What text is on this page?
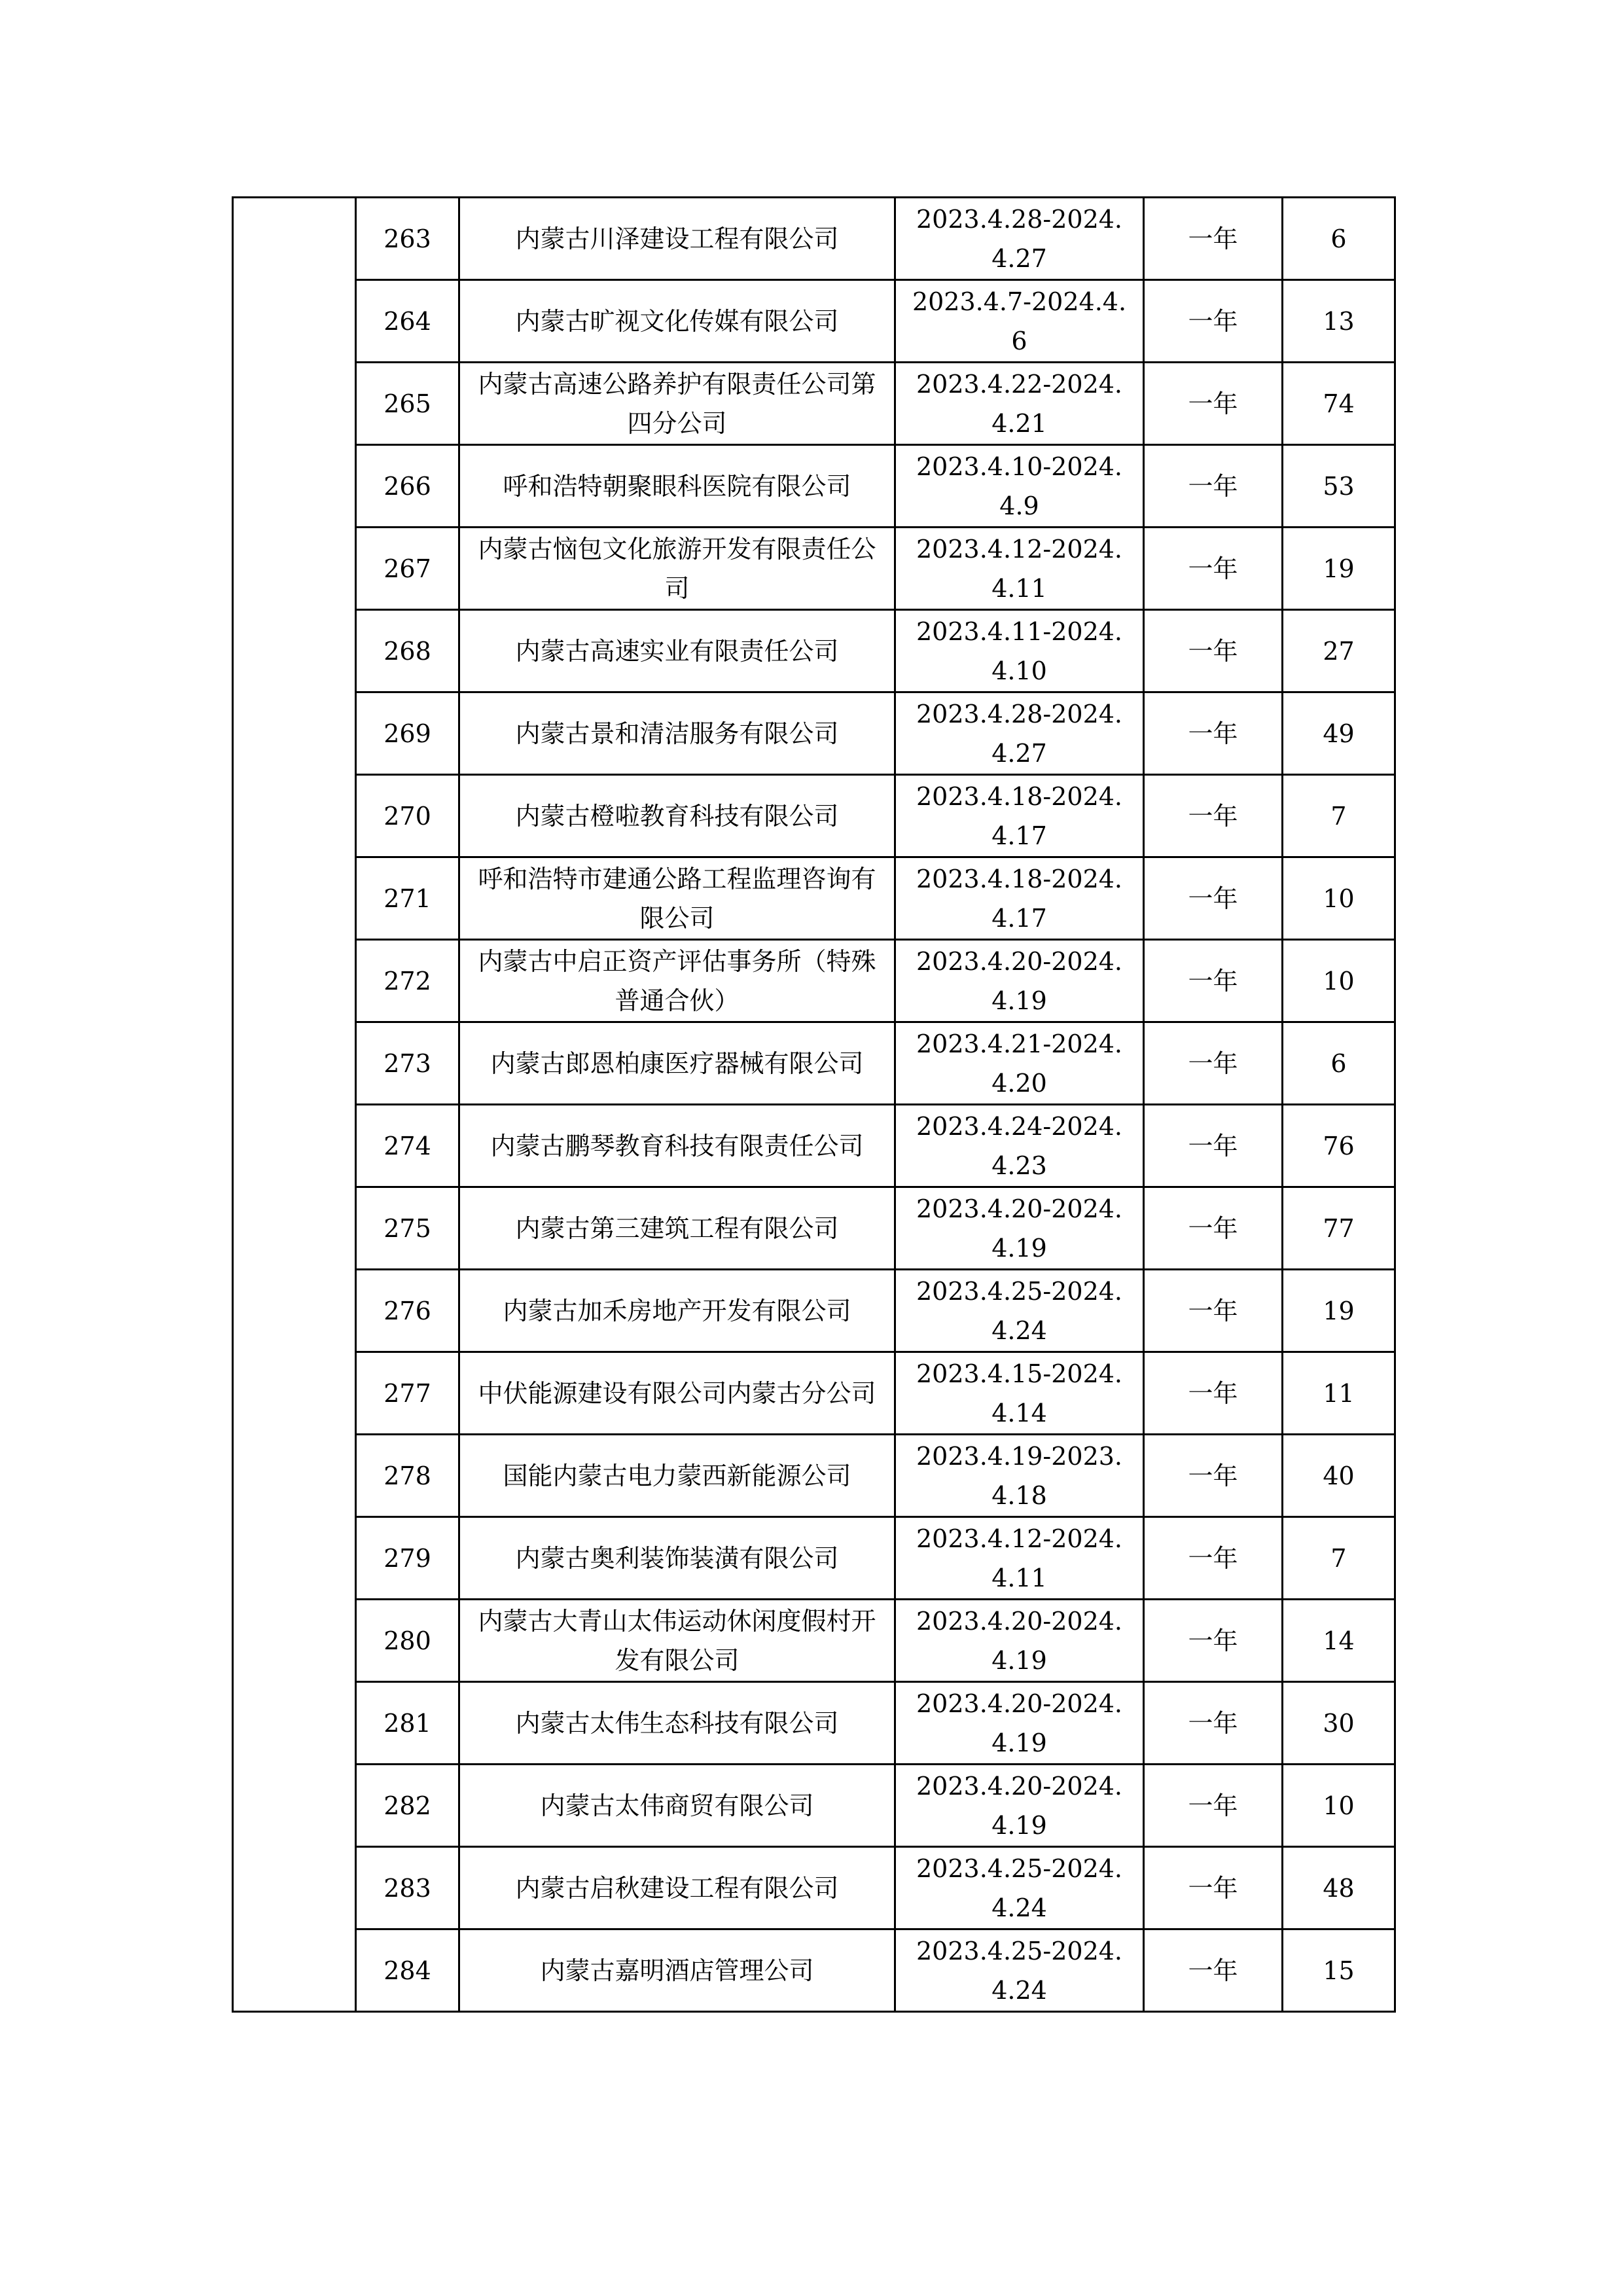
	263	内蒙古川泽建设工程有限公司	2023.4.28-2024.4.27	一年	6
	264	内蒙古旷视文化传媒有限公司	2023.4.7-2024.4.6	一年	13
	265	内蒙古高速公路养护有限责任公司第四分公司	2023.4.22-2024.4.21	一年	74
	266	呼和浩特朝聚眼科医院有限公司	2023.4.10-2024.4.9	一年	53
	267	内蒙古恼包文化旅游开发有限责任公司	2023.4.12-2024.4.11	一年	19
	268	内蒙古高速实业有限责任公司	2023.4.11-2024.4.10	一年	27
	269	内蒙古景和清洁服务有限公司	2023.4.28-2024.4.27	一年	49
	270	内蒙古橙啦教育科技有限公司	2023.4.18-2024.4.17	一年	7
	271	呼和浩特市建通公路工程监理咨询有限公司	2023.4.18-2024.4.17	一年	10
	272	内蒙古中启正资产评估事务所（特殊普通合伙）	2023.4.20-2024.4.19	一年	10
	273	内蒙古郎恩柏康医疗器械有限公司	2023.4.21-2024.4.20	一年	6
	274	内蒙古鹏琴教育科技有限责任公司	2023.4.24-2024.4.23	一年	76
	275	内蒙古第三建筑工程有限公司	2023.4.20-2024.4.19	一年	77
	276	内蒙古加禾房地产开发有限公司	2023.4.25-2024.4.24	一年	19
	277	中伏能源建设有限公司内蒙古分公司	2023.4.15-2024.4.14	一年	11
	278	国能内蒙古电力蒙西新能源公司	2023.4.19-2023.4.18	一年	40
	279	内蒙古奥利装饰装潢有限公司	2023.4.12-2024.4.11	一年	7
	280	内蒙古大青山太伟运动休闲度假村开发有限公司	2023.4.20-2024.4.19	一年	14
	281	内蒙古太伟生态科技有限公司	2023.4.20-2024.4.19	一年	30
	282	内蒙古太伟商贸有限公司	2023.4.20-2024.4.19	一年	10
	283	内蒙古启秋建设工程有限公司	2023.4.25-2024.4.24	一年	48
	284	内蒙古嘉明酒店管理公司	2023.4.25-2024.4.24	一年	15
